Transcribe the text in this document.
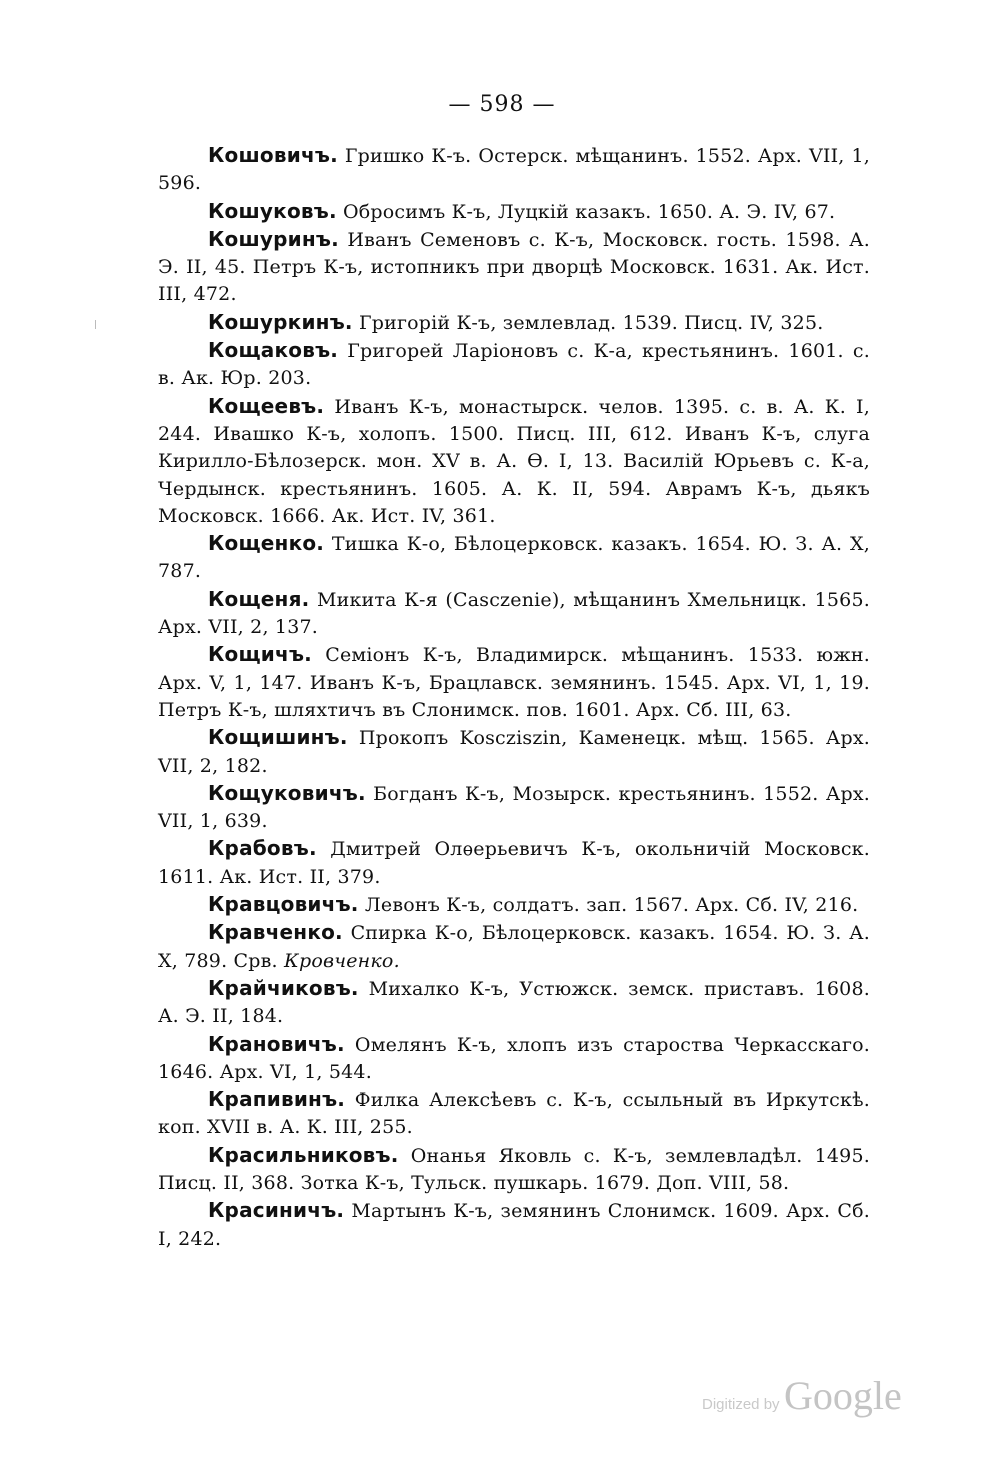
— 598 —

Кошовичъ. Гришко К-ъ. Остерск. мѣщанинъ. 1552. Арх. VII, 1, 596.

Кошуковъ. Обросимъ К-ъ, Луцкій казакъ. 1650. А. Э. IV, 67.

Кошуринъ. Иванъ Семеновъ с. К-ъ, Московск. гость. 1598. А. Э. II, 45. Петръ К-ъ, истопникъ при дворцѣ Московск. 1631. Ак. Ист. III, 472.

Кошуркинъ. Григорій К-ъ, землевлад. 1539. Писц. IV, 325.

Кощаковъ. Григорей Ларіоновъ с. К-а, крестьянинъ. 1601. с. в. Ак. Юр. 203.

Кощеевъ. Иванъ К-ъ, монастырск. челов. 1395. с. в. А. К. I, 244. Ивашко К-ъ, холопъ. 1500. Писц. III, 612. Иванъ К-ъ, слуга Кирилло-Бѣлозерск. мон. XV в. А. Ѳ. I, 13. Василій Юрьевъ с. К-а, Чердынск. крестьянинъ. 1605. А. К. II, 594. Аврамъ К-ъ, дьякъ Московск. 1666. Ак. Ист. IV, 361.

Кощенко. Тишка К-о, Бѣлоцерковск. казакъ. 1654. Ю. З. А. X, 787.

Кощеня. Микита К-я (Casczenie), мѣщанинъ Хмельницк. 1565. Арх. VII, 2, 137.

Кощичъ. Семіонъ К-ъ, Владимирск. мѣщанинъ. 1533. южн. Арх. V, 1, 147. Иванъ К-ъ, Брацлавск. земянинъ. 1545. Арх. VI, 1, 19. Петръ К-ъ, шляхтичъ въ Слонимск. пов. 1601. Арх. Сб. III, 63.

Кощишинъ. Прокопъ Koscziszin, Каменецк. мѣщ. 1565. Арх. VII, 2, 182.

Кощуковичъ. Богданъ К-ъ, Мозырск. крестьянинъ. 1552. Арх. VII, 1, 639.

Крабовъ. Дмитрей Олѳерьевичъ К-ъ, окольничій Московск. 1611. Ак. Ист. II, 379.

Кравцовичъ. Левонъ К-ъ, солдатъ. зап. 1567. Арх. Сб. IV, 216.

Кравченко. Спирка К-о, Бѣлоцерковск. казакъ. 1654. Ю. З. А. X, 789. Срв. Кровченко.

Крайчиковъ. Михалко К-ъ, Устюжск. земск. приставъ. 1608. А. Э. II, 184.

Крановичъ. Омелянъ К-ъ, хлопъ изъ староства Черкасскаго. 1646. Арх. VI, 1, 544.

Крапивинъ. Филка Алексѣевъ с. К-ъ, ссыльный въ Иркутскѣ. коп. XVII в. А. К. III, 255.

Красильниковъ. Онанья Яковль с. К-ъ, землевладѣл. 1495. Писц. II, 368. Зотка К-ъ, Тульск. пушкарь. 1679. Доп. VIII, 58.

Красиничъ. Мартынъ К-ъ, земянинъ Слонимск. 1609. Арх. Сб. I, 242.

Digitized by Google
